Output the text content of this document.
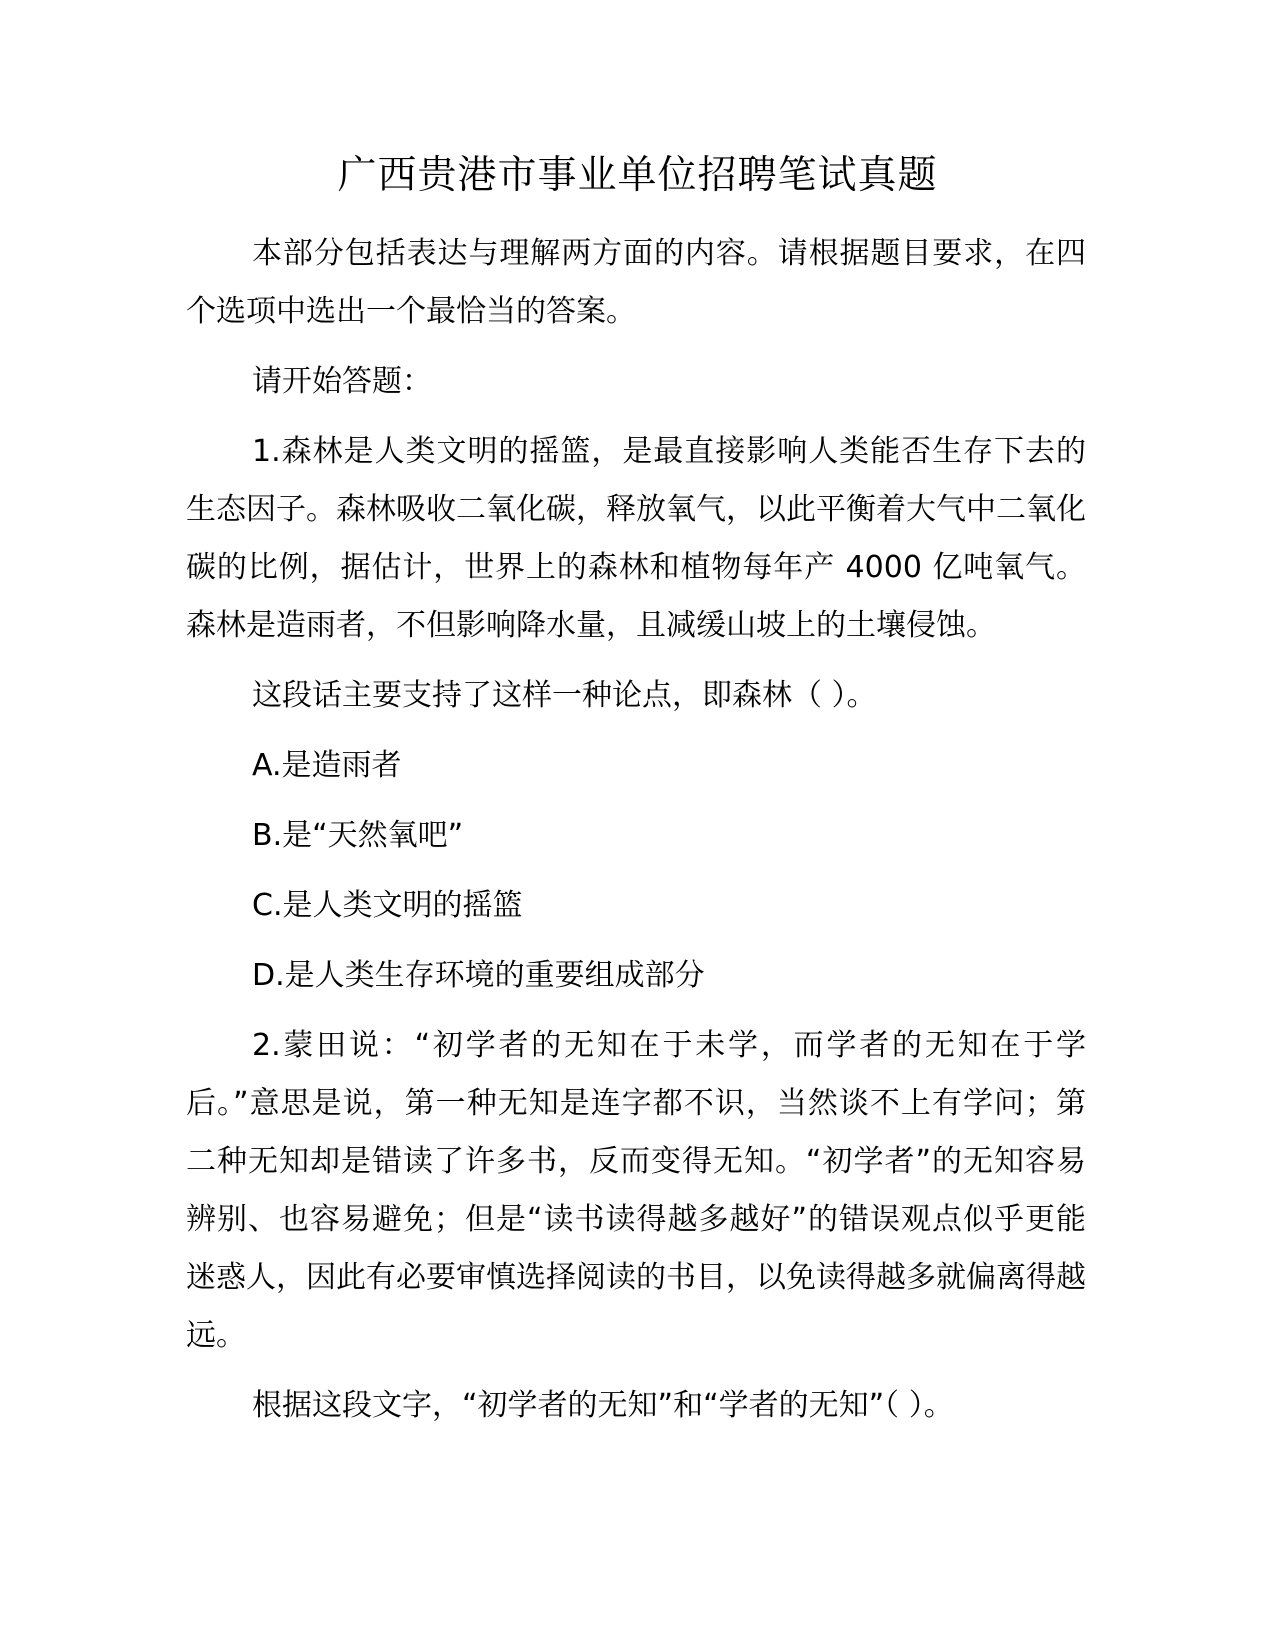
广西贵港市事业单位招聘笔试真题

本部分包括表达与理解两方面的内容。请根据题目要求，在四个选项中选出一个最恰当的答案。

请开始答题：

1.森林是人类文明的摇篮，是最直接影响人类能否生存下去的生态因子。森林吸收二氧化碳，释放氧气，以此平衡着大气中二氧化碳的比例，据估计，世界上的森林和植物每年产 4000 亿吨氧气。森林是造雨者，不但影响降水量，且减缓山坡上的土壤侵蚀。

这段话主要支持了这样一种论点，即森林（ ）。

A.是造雨者

B.是“天然氧吧”

C.是人类文明的摇篮

D.是人类生存环境的重要组成部分

2.蒙田说：“初学者的无知在于未学，而学者的无知在于学后。”意思是说，第一种无知是连字都不识，当然谈不上有学问；第二种无知却是错读了许多书，反而变得无知。“初学者”的无知容易辨别、也容易避免；但是“读书读得越多越好”的错误观点似乎更能迷惑人，因此有必要审慎选择阅读的书目，以免读得越多就偏离得越远。

根据这段文字，“初学者的无知”和“学者的无知”（ ）。
